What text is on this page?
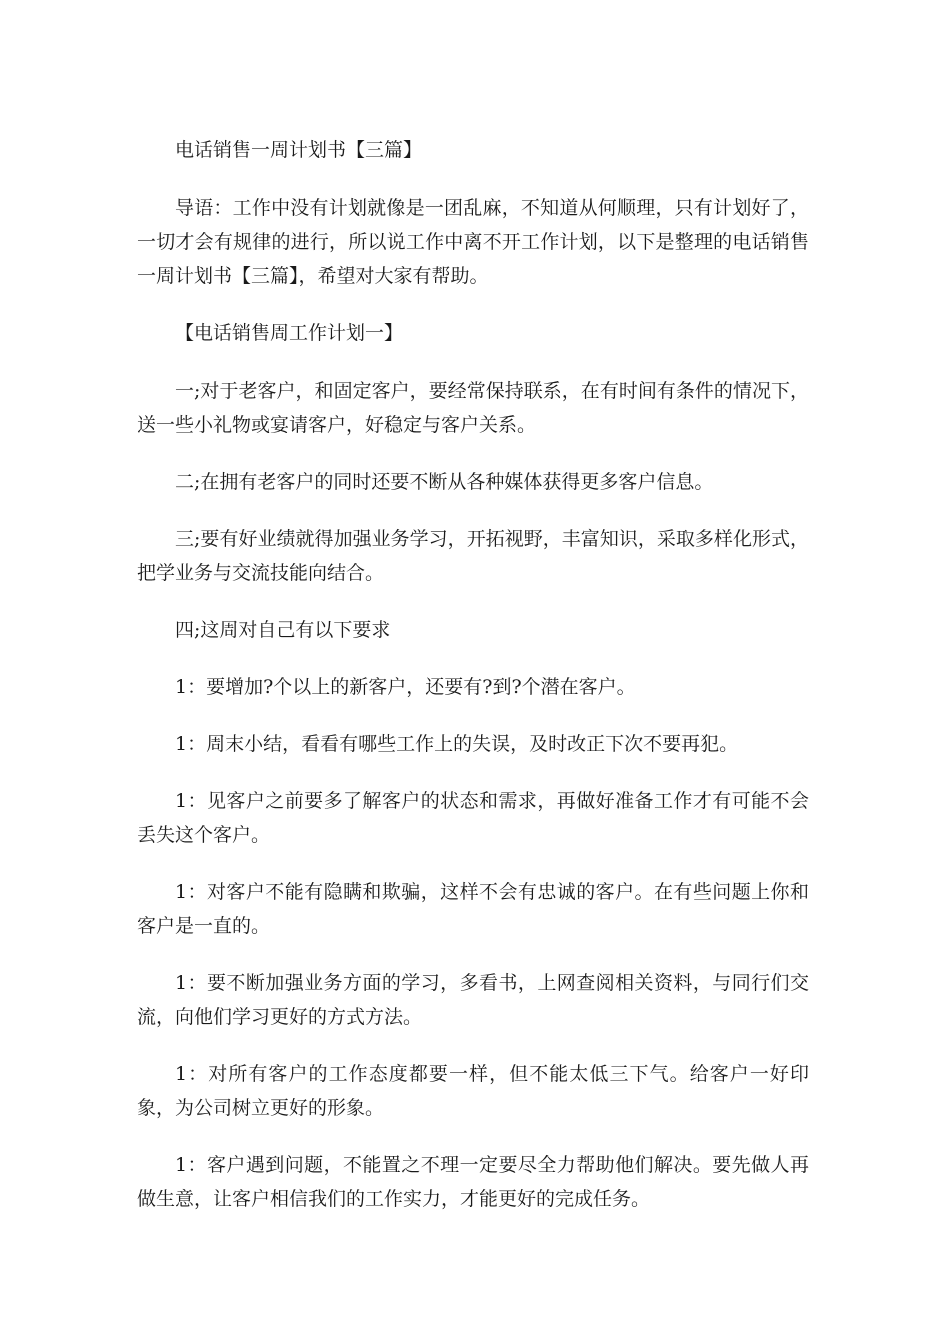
电话销售一周计划书【三篇】

导语：工作中没有计划就像是一团乱麻，不知道从何顺理，只有计划好了，一切才会有规律的进行，所以说工作中离不开工作计划，以下是整理的电话销售一周计划书【三篇】，希望对大家有帮助。

【电话销售周工作计划一】

一;对于老客户，和固定客户，要经常保持联系，在有时间有条件的情况下，送一些小礼物或宴请客户，好稳定与客户关系。

二;在拥有老客户的同时还要不断从各种媒体获得更多客户信息。

三;要有好业绩就得加强业务学习，开拓视野，丰富知识，采取多样化形式，把学业务与交流技能向结合。

四;这周对自己有以下要求

1：要增加?个以上的新客户，还要有?到?个潜在客户。

1：周末小结，看看有哪些工作上的失误，及时改正下次不要再犯。

1：见客户之前要多了解客户的状态和需求，再做好准备工作才有可能不会丢失这个客户。

1：对客户不能有隐瞒和欺骗，这样不会有忠诚的客户。在有些问题上你和客户是一直的。

1：要不断加强业务方面的学习，多看书，上网查阅相关资料，与同行们交流，向他们学习更好的方式方法。

1：对所有客户的工作态度都要一样，但不能太低三下气。给客户一好印象，为公司树立更好的形象。

1：客户遇到问题，不能置之不理一定要尽全力帮助他们解决。要先做人再做生意，让客户相信我们的工作实力，才能更好的完成任务。
